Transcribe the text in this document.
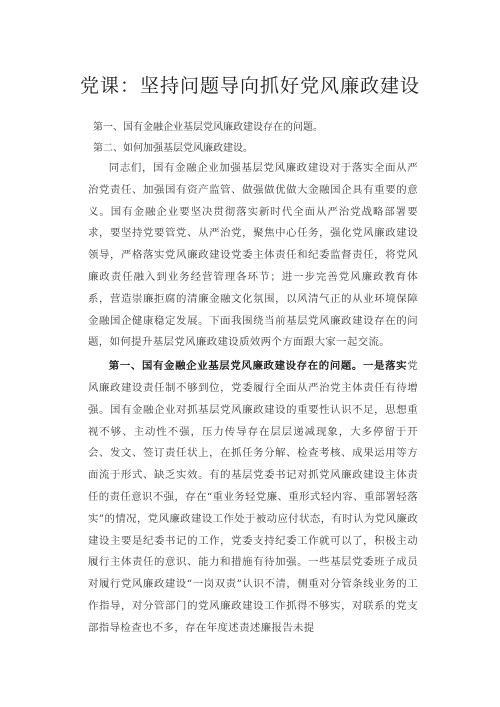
党课：坚持问题导向抓好党风廉政建设
第一、国有金融企业基层党风廉政建设存在的问题。
第二、如何加强基层党风廉政建设。

同志们，国有金融企业加强基层党风廉政建设对于落实全面从严治党责任、加强国有资产监管、做强做优做大金融国企具有重要的意义。国有金融企业要坚决贯彻落实新时代全面从严治党战略部署要求，要坚持党要管党、从严治党，聚焦中心任务，强化党风廉政建设领导，严格落实党风廉政建设党委主体责任和纪委监督责任，将党风廉政责任融入到业务经营管理各环节；进一步完善党风廉政教育体系，营造崇廉拒腐的清廉金融文化氛围，以风清气正的从业环境保障金融国企健康稳定发展。下面我围绕当前基层党风廉政建设存在的问题，如何提升基层党风廉政建设质效两个方面跟大家一起交流。

第一、国有金融企业基层党风廉政建设存在的问题。一是落实党风廉政建设责任制不够到位，党委履行全面从严治党主体责任有待增强。国有金融企业对抓基层党风廉政建设的重要性认识不足，思想重视不够、主动性不强，压力传导存在层层递减现象，大多停留于开会、发文、签订责任状上，在抓任务分解、检查考核、成果运用等方面流于形式、缺乏实效。有的基层党委书记对抓党风廉政建设主体责任的责任意识不强，存在“重业务轻党廉、重形式轻内容、重部署轻落实”的情况，党风廉政建设工作处于被动应付状态，有时认为党风廉政建设主要是纪委书记的工作，党委支持纪委工作就可以了，积极主动履行主体责任的意识、能力和措施有待加强。一些基层党委班子成员对履行党风廉政建设“一岗双责”认识不清，侧重对分管条线业务的工作指导，对分管部门的党风廉政建设工作抓得不够实，对联系的党支部指导检查也不多，存在年度述责述廉报告未提
